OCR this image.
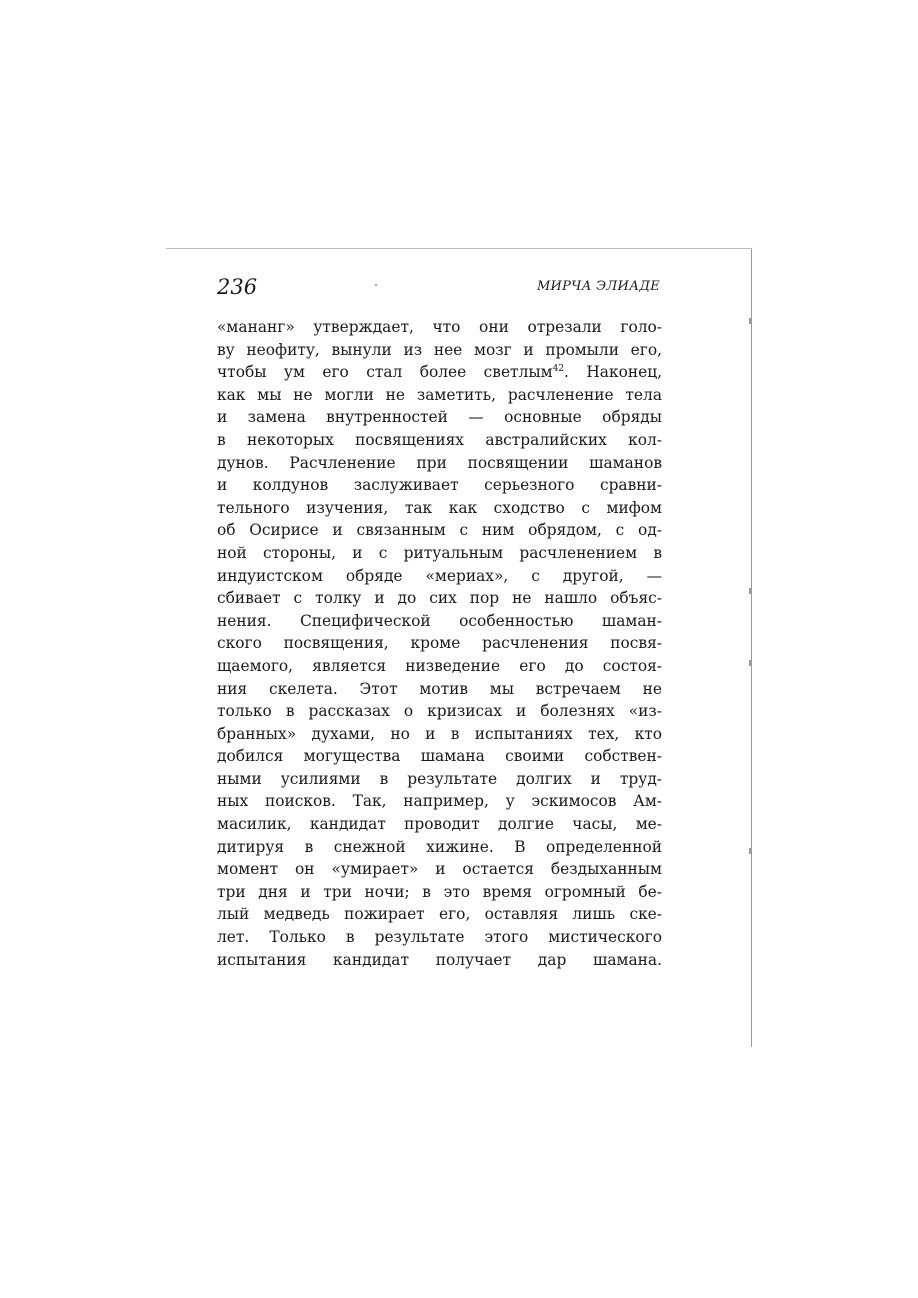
236	МИРЧА ЭЛИАДЕ
«мананг» утверждает, что они отрезали голо-
ву неофиту, вынули из нее мозг и промыли его,
чтобы ум его стал более светлым$^{42}$. Наконец,
как мы не могли не заметить, расчленение тела
и замена внутренностей — основные обряды
в некоторых посвящениях австралийских кол-
дунов. Расчленение при посвящении шаманов
и колдунов заслуживает серьезного сравни-
тельного изучения, так как сходство с мифом
об Осирисе и связанным с ним обрядом, с од-
ной стороны, и с ритуальным расчленением в
индуистском обряде «мериах», с другой, —
сбивает с толку и до сих пор не нашло объяс-
нения. Специфической особенностью шаман-
ского посвящения, кроме расчленения посвя-
щаемого, является низведение его до состоя-
ния скелета. Этот мотив мы встречаем не
только в рассказах о кризисах и болезнях «из-
бранных» духами, но и в испытаниях тех, кто
добился могущества шамана своими собствен-
ными усилиями в результате долгих и труд-
ных поисков. Так, например, у эскимосов Ам-
масилик, кандидат проводит долгие часы, ме-
дитируя в снежной хижине. В определенной
момент он «умирает» и остается бездыханным
три дня и три ночи; в это время огромный бе-
лый медведь пожирает его, оставляя лишь ске-
лет. Только в результате этого мистического
испытания кандидат получает дар шамана.
